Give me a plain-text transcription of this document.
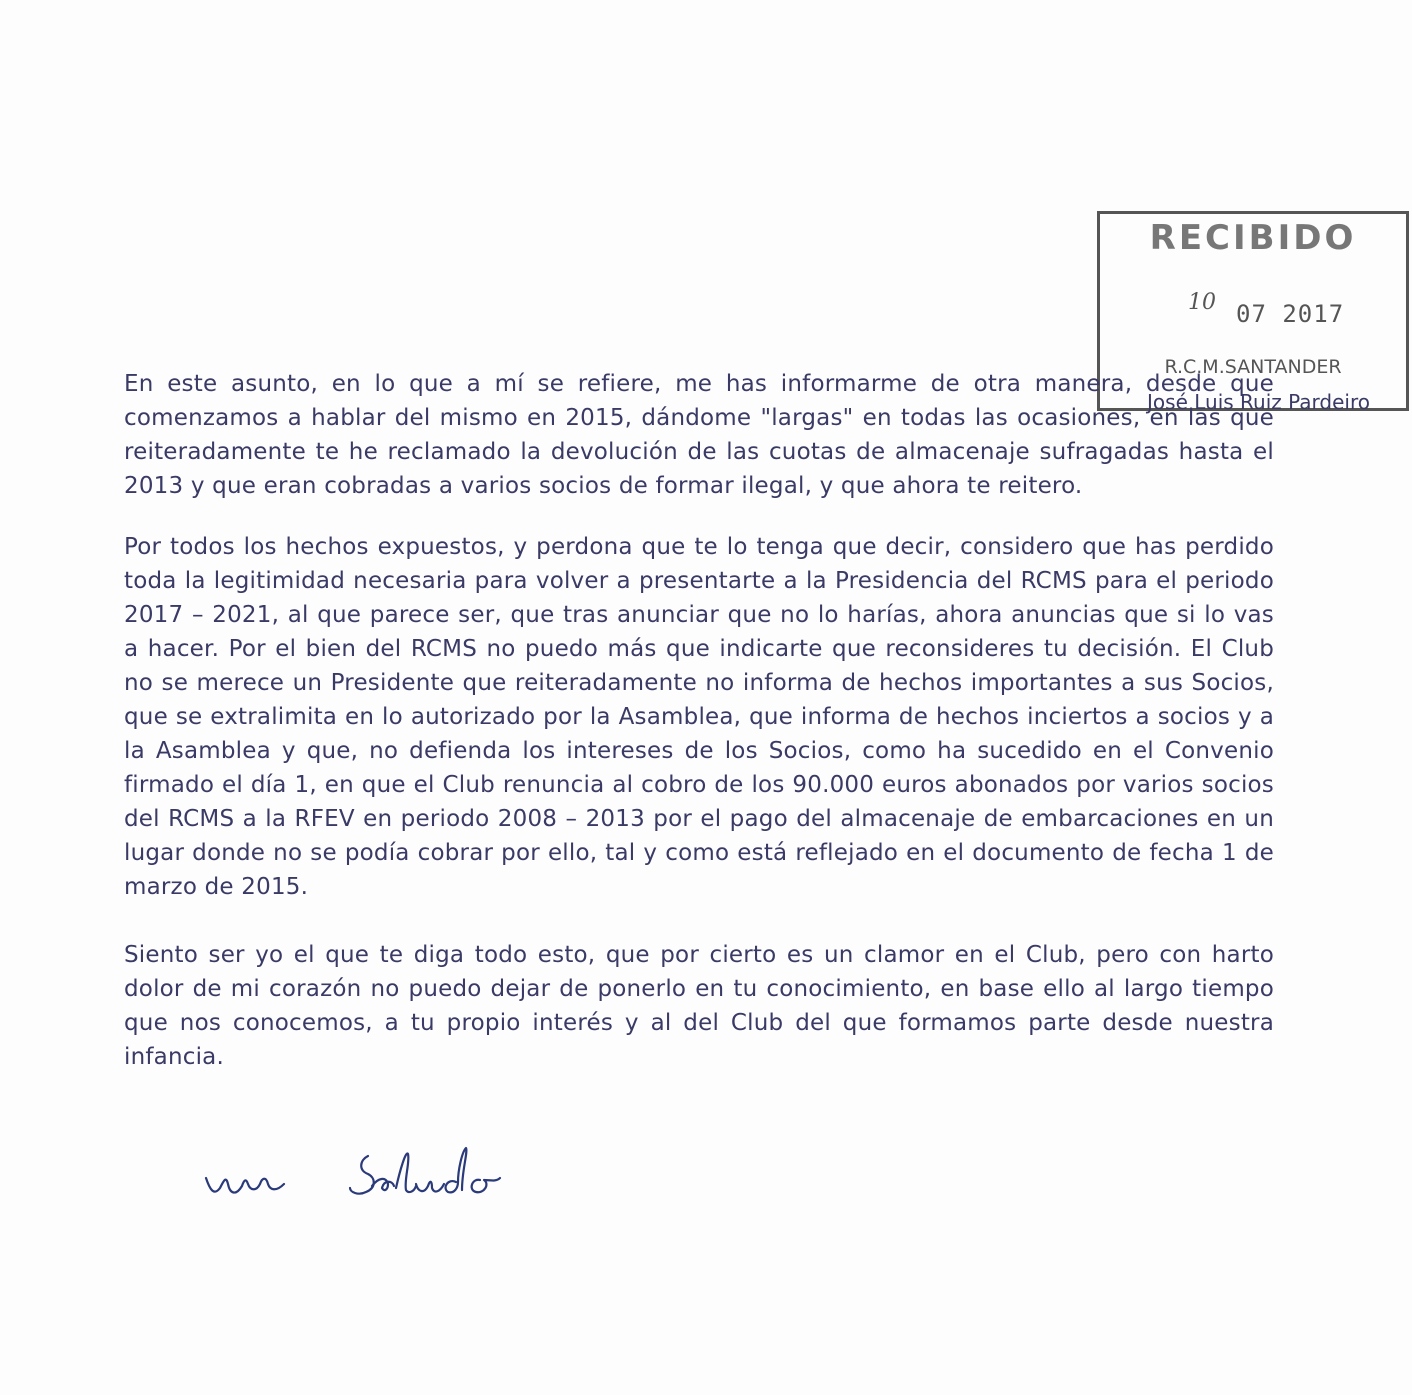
RECIBIDO
10 07 2017
R.C.M.SANTANDER
José Luis Ruiz Pardeiro

En este asunto, en lo que a mí se refiere, me has informarme de otra manera, desde que comenzamos a hablar del mismo en 2015, dándome "largas" en todas las ocasiones, en las que reiteradamente te he reclamado la devolución de las cuotas de almacenaje sufragadas hasta el 2013 y que eran cobradas a varios socios de formar ilegal, y que ahora te reitero.

Por todos los hechos expuestos, y perdona que te lo tenga que decir, considero que has perdido toda la legitimidad necesaria para volver a presentarte a la Presidencia del RCMS para el periodo 2017 – 2021, al que parece ser, que tras anunciar que no lo harías, ahora anuncias que si lo vas a hacer. Por el bien del RCMS no puedo más que indicarte que reconsideres tu decisión. El Club no se merece un Presidente que reiteradamente no informa de hechos importantes a sus Socios, que se extralimita en lo autorizado por la Asamblea, que informa de hechos inciertos a socios y a la Asamblea y que, no defienda los intereses de los Socios, como ha sucedido en el Convenio firmado el día 1, en que el Club renuncia al cobro de los 90.000 euros abonados por varios socios del RCMS a la RFEV en periodo 2008 – 2013 por el pago del almacenaje de embarcaciones en un lugar donde no se podía cobrar por ello, tal y como está reflejado en el documento de fecha 1 de marzo de 2015.

Siento ser yo el que te diga todo esto, que por cierto es un clamor en el Club, pero con harto dolor de mi corazón no puedo dejar de ponerlo en tu conocimiento, en base ello al largo tiempo que nos conocemos, a tu propio interés y al del Club del que formamos parte desde nuestra infancia.
